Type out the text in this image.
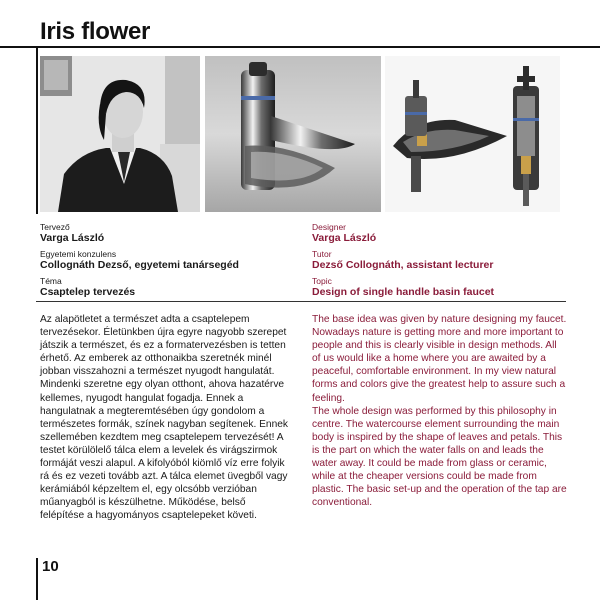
Iris flower
Tervező
Varga László
Egyetemi konzulens
Collognáth Dezső, egyetemi tanársegéd
Téma
Csaptelep tervezés
Designer
Varga László
Tutor
Dezső Collognáth, assistant lecturer
Topic
Design of single handle basin faucet

Az alapötletet a természet adta a csaptelepem tervezésekor. Életünkben újra egyre nagyobb szerepet játszik a természet, és ez a formatervezésben is tetten érhető. Az emberek az otthonaikba szeretnék minél jobban visszahozni a természet nyugodt hangulatát. Mindenki szeretne egy olyan otthont, ahova hazatérve kellemes, nyugodt hangulat fogadja. Ennek a hangulatnak a megteremtésében úgy gondolom a természetes formák, színek nagyban segítenek. Ennek szellemében kezdtem meg csaptelepem tervezését! A testet körülölelő tálca elem a levelek és virágszirmok formáját veszi alapul. A kifolyóból kiömlő víz erre folyik rá és ez vezeti tovább azt. A tálca elemet üvegből vagy kerámiából képzeltem el, egy olcsóbb verzióban műanyagból is készülhetne. Működése, belső felépítése a hagyományos csaptelepeket követi.

The base idea was given by nature designing my faucet. Nowadays nature is getting more and more important to people and this is clearly visible in design methods. All of us would like a home where you are awaited by a peaceful, comfortable environment. In my view natural forms and colors give the greatest help to assure such a feeling.

The whole design was performed by this philosophy in centre. The watercourse element surrounding the main body is inspired by the shape of leaves and petals. This is the part on which the water falls on and leads the water away. It could be made from glass or ceramic, while at the cheaper versions could be made from plastic. The basic set-up and the operation of the tap are conventional.

10
